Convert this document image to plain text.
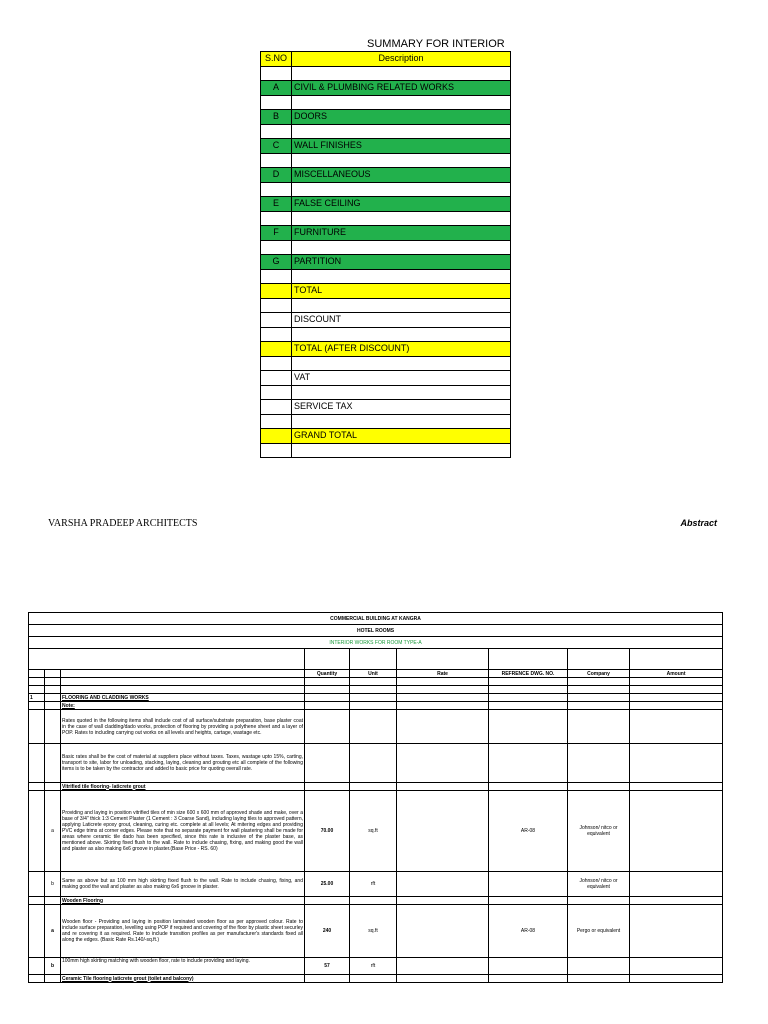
SUMMARY FOR INTERIOR
S.NO	Description

A	CIVIL & PLUMBING RELATED WORKS

B	DOORS

C	WALL FINISHES

D	MISCELLANEOUS

E	FALSE CEILING

F	FURNITURE

G	PARTITION

	TOTAL

	DISCOUNT

	TOTAL (AFTER DISCOUNT)

	VAT

	SERVICE TAX

	GRAND TOTAL

VARSHA PRADEEP ARCHITECTS	Abstract
COMMERCIAL BUILDING AT KANGRA								
HOTEL ROOMS								
INTERIOR WORKS FOR ROOM TYPE-A								

			Quantity	Unit	Rate	REFRENCE DWG. NO.	Company	Amount

1		FLOORING AND CLADDING WORKS						
		Note:						
		Rates quoted in the following items shall include cost of all surface/substrate preparation, base plaster coat in the case of wall cladding/dado works, protection of flooring by providing a polythene sheet and a layer of POP. Rates to including carrying out works on all levels and heights, cartage, wastage etc.						
		Basic rates shall be the cost of material at suppliers place without taxes. Taxes, wastage upto 15%, carting, transport to site, labor for unloading, stacking, laying, cleaning and grouting etc all complete of the following items is to be taken by the contractor and added to basic price for quoting overall rate.						
		Vitrified tile flooring- laticrete grout						
	a	Providing and laying in position vitrified tiles of min size 600 x 600 mm of approved shade and make, over a base of 3/4" thick 1:3 Cement Plaster (1 Cement : 3 Coarse Sand), including laying tiles to approved pattern, applying Laticrete epoxy grout, cleaning, curing etc. complete at all levels; At mitering edges and providing PVC edge trims at corner edges. Please note that no separate payment for wall plastering shall be made for areas where ceramic tile dado has been specified, since this rate is inclusive of the plaster base, as mentioned above. Skirting fixed flush to the wall. Rate to include chasing, fixing, and making good the wall and plaster as also making 6x6 groove in plaster.(Base Price - RS. 60)	70.00	sq.ft		AR-08	Johnson/ nitco or equivalent	
	b	Same as above but as 100 mm high skirting fixed flush to the wall. Rate to include chasing, fixing, and making good the wall and plaster as also making 6x6 groove in plaster.	25.00	rft			Johnson/ nitco or equivalent	
		Wooden Flooring						
	a	Wooden floor - Providing and laying in position laminated wooden floor as per approved colour. Rate to include surface preparation, levelling using POP if required and covering of the floor by plastic sheet securley and re covering it as required. Rate to include transition profiles as per manufacturer's standards fixed all along the edges. (Basic Rate Rs.140/-sq.ft.)	240	sq.ft		AR-08	Pergo or equivalent	
	b	100mm high skirting matching with wooden floor, rate to include providing and laying.	57	rft				
		Ceramic Tile flooring laticrete grout (toilet and balcony)						
